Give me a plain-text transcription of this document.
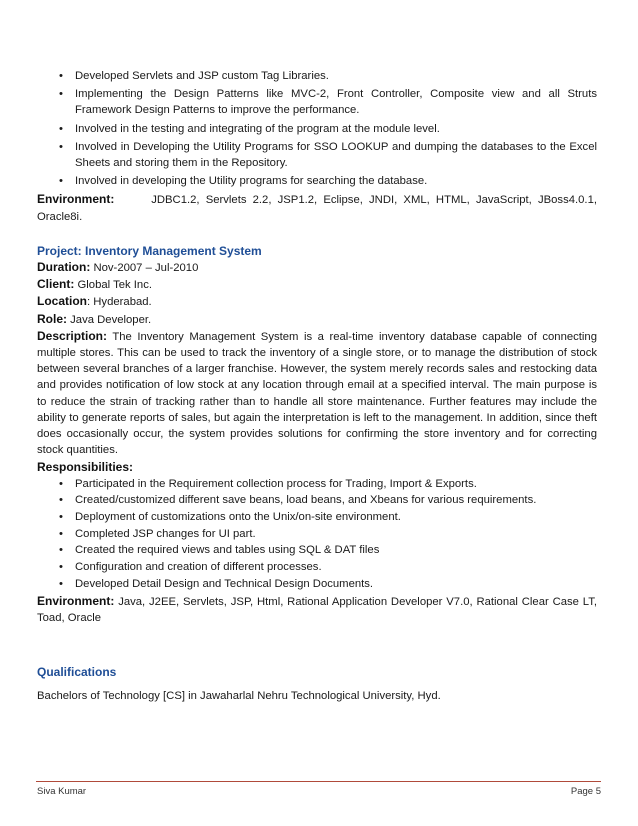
• Developed Servlets and JSP custom Tag Libraries.
• Implementing the Design Patterns like MVC-2, Front Controller, Composite view and all Struts Framework Design Patterns to improve the performance.
• Involved in the testing and integrating of the program at the module level.
• Involved in Developing the Utility Programs for SSO LOOKUP and dumping the databases to the Excel Sheets and storing them in the Repository.
• Involved in developing the Utility programs for searching the database.

Environment:	JDBC1.2, Servlets 2.2, JSP1.2, Eclipse, JNDI, XML, HTML, JavaScript, JBoss4.0.1, Oracle8i.

Project: Inventory Management System

Duration: Nov-2007 – Jul-2010

Client: Global Tek Inc.

Location: Hyderabad.

Role: Java Developer.

Description: The Inventory Management System is a real-time inventory database capable of connecting multiple stores. This can be used to track the inventory of a single store, or to manage the distribution of stock between several branches of a larger franchise. However, the system merely records sales and restocking data and provides notification of low stock at any location through email at a specified interval. The main purpose is to reduce the strain of tracking rather than to handle all store maintenance. Further features may include the ability to generate reports of sales, but again the interpretation is left to the management. In addition, since theft does occasionally occur, the system provides solutions for confirming the store inventory and for correcting stock quantities.

Responsibilities:
• Participated in the Requirement collection process for Trading, Import & Exports.
• Created/customized different save beans, load beans, and Xbeans for various requirements.
• Deployment of customizations onto the Unix/on-site environment.
• Completed JSP changes for UI part.
• Created the required views and tables using SQL & DAT files
• Configuration and creation of different processes.
• Developed Detail Design and Technical Design Documents.

Environment: Java, J2EE, Servlets, JSP, Html, Rational Application Developer V7.0, Rational Clear Case LT, Toad, Oracle

Qualifications

Bachelors of Technology [CS] in Jawaharlal Nehru Technological University, Hyd.

Siva Kumar	Page 5
